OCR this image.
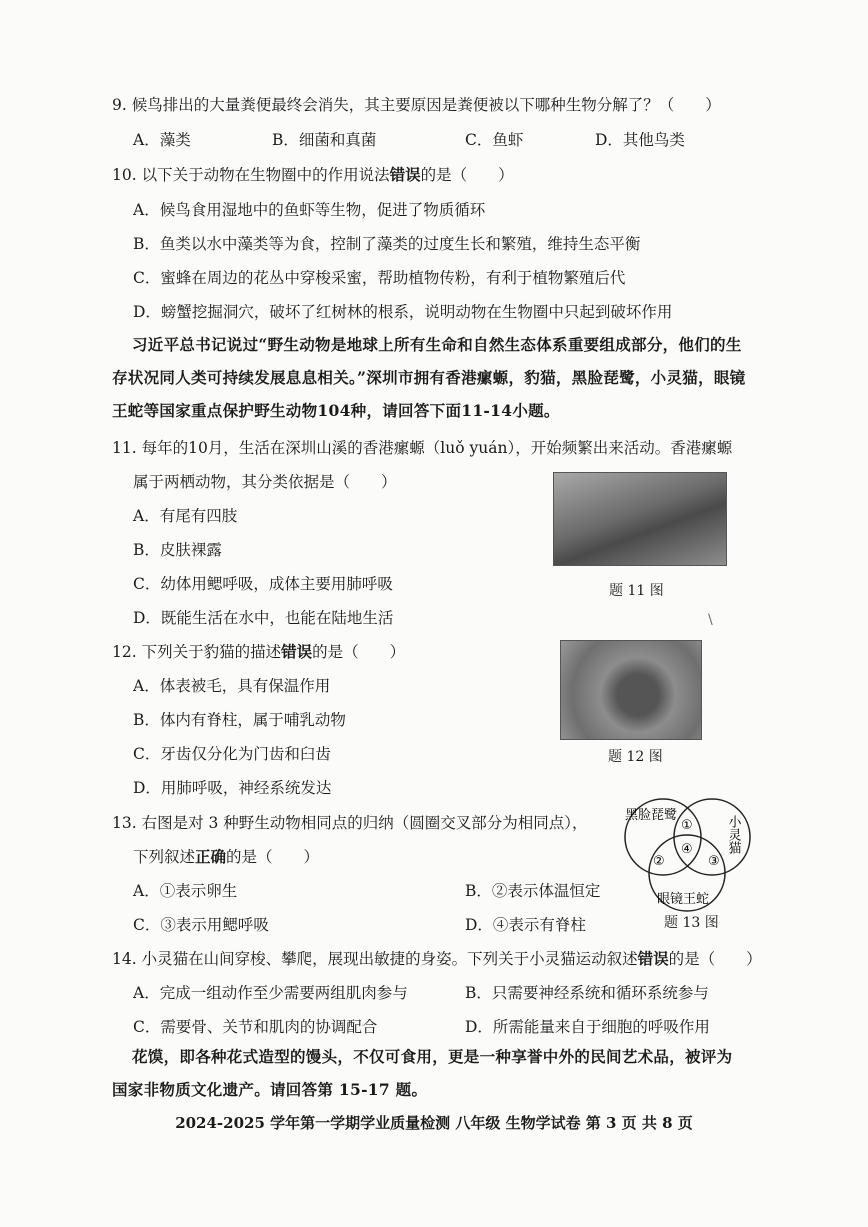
9. 候鸟排出的大量粪便最终会消失，其主要原因是粪便被以下哪种生物分解了？（　　）
A．藻类	B．细菌和真菌	C．鱼虾	D．其他鸟类
10. 以下关于动物在生物圈中的作用说法错误的是（　　）
A．候鸟食用湿地中的鱼虾等生物，促进了物质循环
B．鱼类以水中藻类等为食，控制了藻类的过度生长和繁殖，维持生态平衡
C．蜜蜂在周边的花丛中穿梭采蜜，帮助植物传粉，有利于植物繁殖后代
D．螃蟹挖掘洞穴，破坏了红树林的根系，说明动物在生物圈中只起到破坏作用
习近平总书记说过“野生动物是地球上所有生命和自然生态体系重要组成部分，他们的生存状况同人类可持续发展息息相关。”深圳市拥有香港瘰螈，豹猫，黑脸琵鹭，小灵猫，眼镜王蛇等国家重点保护野生动物104种，请回答下面11-14小题。
11. 每年的10月，生活在深圳山溪的香港瘰螈（luǒ yuán），开始频繁出来活动。香港瘰螈
属于两栖动物，其分类依据是（　　）
A．有尾有四肢
B．皮肤裸露
C．幼体用鳃呼吸，成体主要用肺呼吸
D．既能生活在水中，也能在陆地生活
题 11 图
\
12. 下列关于豹猫的描述错误的是（　　）
A．体表被毛，具有保温作用
B．体内有脊柱，属于哺乳动物
C．牙齿仅分化为门齿和臼齿
D．用肺呼吸，神经系统发达
题 12 图
13. 右图是对 3 种野生动物相同点的归纳（圆圈交叉部分为相同点），
下列叙述正确的是（　　）
A．①表示卵生	B．②表示体温恒定
C．③表示用鳃呼吸	D．④表示有脊柱
黑脸琵鹭	小灵猫
眼镜王蛇
①
②	③
④
题 13 图
14. 小灵猫在山间穿梭、攀爬，展现出敏捷的身姿。下列关于小灵猫运动叙述错误的是（　　）
A．完成一组动作至少需要两组肌肉参与	B．只需要神经系统和循环系统参与
C．需要骨、关节和肌肉的协调配合	D．所需能量来自于细胞的呼吸作用
花馍，即各种花式造型的馒头，不仅可食用，更是一种享誉中外的民间艺术品，被评为国家非物质文化遗产。请回答第 15-17 题。
2024-2025 学年第一学期学业质量检测 八年级 生物学试卷 第 3 页 共 8 页
